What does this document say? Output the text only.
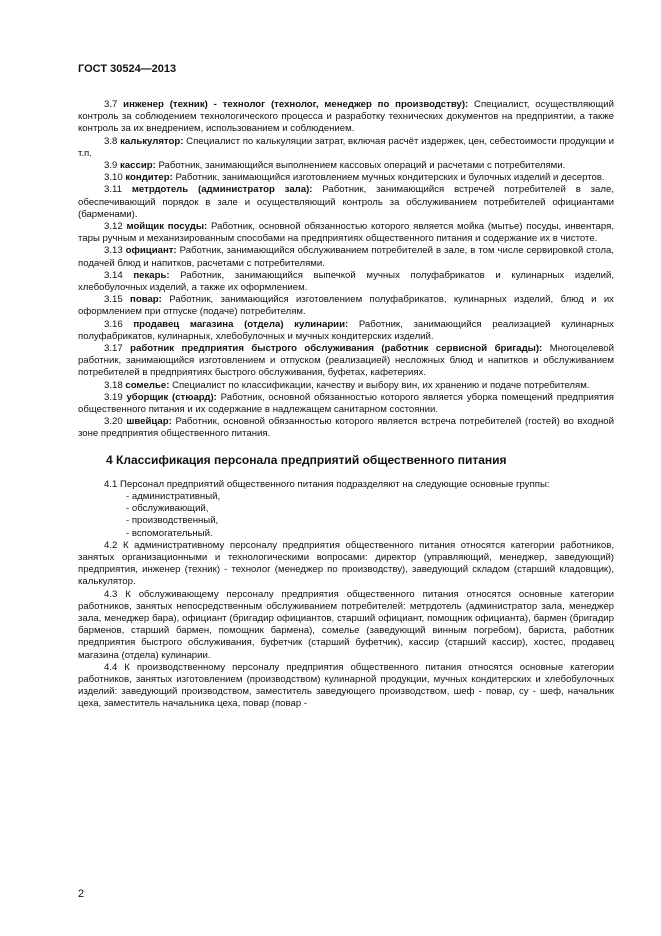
ГОСТ 30524—2013

3.7 инженер (техник) - технолог (технолог, менеджер по производству): Специалист, осуществляющий контроль за соблюдением технологического процесса и разработку технических документов на предприятии, а также контроль за их внедрением, использованием и соблюдением.

3.8 калькулятор: Специалист по калькуляции затрат, включая расчёт издержек, цен, себестоимости продукции и т.п.

3.9 кассир: Работник, занимающийся выполнением кассовых операций и расчетами с потребителями.

3.10 кондитер: Работник, занимающийся изготовлением мучных кондитерских и булочных изделий и десертов.

3.11 метрдотель (администратор зала): Работник, занимающийся встречей потребителей в зале, обеспечивающий порядок в зале и осуществляющий контроль за обслуживанием потребителей официантами (барменами).

3.12 мойщик посуды: Работник, основной обязанностью которого является мойка (мытье) посуды, инвентаря, тары ручным и механизированным способами на предприятиях общественного питания и содержание их в чистоте.

3.13 официант: Работник, занимающийся обслуживанием потребителей в зале, в том числе сервировкой стола, подачей блюд и напитков, расчетами с потребителями.

3.14 пекарь: Работник, занимающийся выпечкой мучных полуфабрикатов и кулинарных изделий, хлебобулочных изделий, а также их оформлением.

3.15 повар: Работник, занимающийся изготовлением полуфабрикатов, кулинарных изделий, блюд и их оформлением при отпуске (подаче) потребителям.

3.16 продавец магазина (отдела) кулинарии: Работник, занимающийся реализацией кулинарных полуфабрикатов, кулинарных, хлебобулочных и мучных кондитерских изделий.

3.17 работник предприятия быстрого обслуживания (работник сервисной бригады): Многоцелевой работник, занимающийся изготовлением и отпуском (реализацией) несложных блюд и напитков и обслуживанием потребителей в предприятиях быстрого обслуживания, буфетах, кафетериях.

3.18 сомелье: Специалист по классификации, качеству и выбору вин, их хранению и подаче потребителям.

3.19 уборщик (стюард): Работник, основной обязанностью которого является уборка помещений предприятия общественного питания и их содержание в надлежащем санитарном состоянии.

3.20 швейцар: Работник, основной обязанностью которого является встреча потребителей (гостей) во входной зоне предприятия общественного питания.

4 Классификация персонала предприятий общественного питания

4.1 Персонал предприятий общественного питания подразделяют на следующие основные группы:

- административный,
- обслуживающий,
- производственный,
- вспомогательный.

4.2 К административному персоналу предприятия общественного питания относятся категории работников, занятых организационными и технологическими вопросами: директор (управляющий, менеджер, заведующий) предприятия, инженер (техник) - технолог (менеджер по производству), заведующий складом (старший кладовщик), калькулятор.

4.3 К обслуживающему персоналу предприятия общественного питания относятся основные категории работников, занятых непосредственным обслуживанием потребителей: метрдотель (администратор зала, менеджер зала, менеджер бара), официант (бригадир официантов, старший официант, помощник официанта), бармен (бригадир барменов, старший бармен, помощник бармена), сомелье (заведующий винным погребом), бариста, работник предприятия быстрого обслуживания, буфетчик (старший буфетчик), кассир (старший кассир), хостес, продавец магазина (отдела) кулинарии.

4.4 К производственному персоналу предприятия общественного питания относятся основные категории работников, занятых изготовлением (производством) кулинарной продукции, мучных кондитерских и хлебобулочных изделий: заведующий производством, заместитель заведующего производством, шеф - повар, су - шеф, начальник цеха, заместитель начальника цеха, повар (повар -

2
